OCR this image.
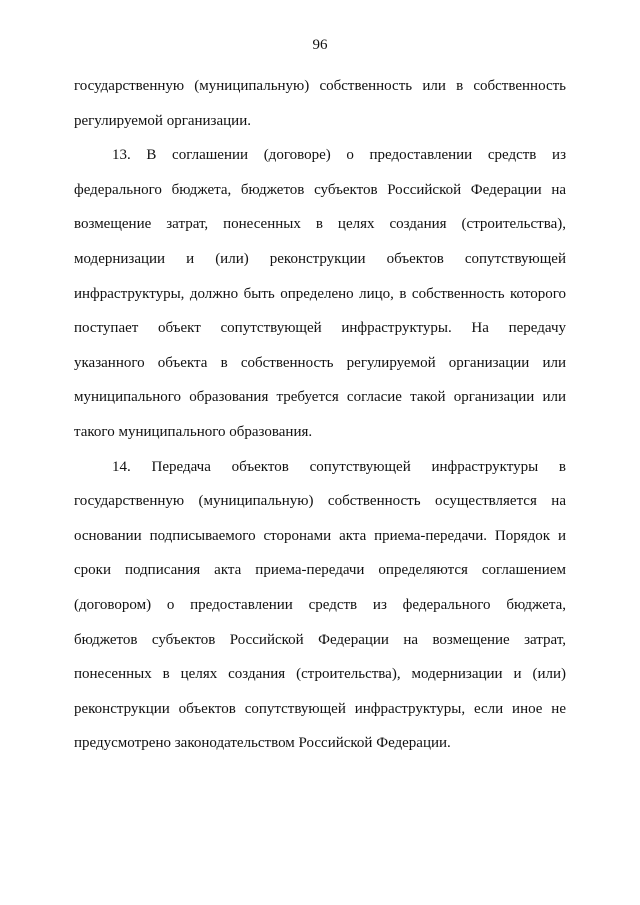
96
государственную (муниципальную) собственность или в собственность
регулируемой организации.
13. В соглашении (договоре) о предоставлении средств из
федерального бюджета, бюджетов субъектов Российской Федерации на
возмещение затрат, понесенных в целях создания (строительства),
модернизации и (или) реконструкции объектов сопутствующей
инфраструктуры, должно быть определено лицо, в собственность которого
поступает объект сопутствующей инфраструктуры. На передачу
указанного объекта в собственность регулируемой организации или
муниципального образования требуется согласие такой организации или
такого муниципального образования.
14. Передача объектов сопутствующей инфраструктуры в
государственную (муниципальную) собственность осуществляется на
основании подписываемого сторонами акта приема-передачи. Порядок и
сроки подписания акта приема-передачи определяются соглашением
(договором) о предоставлении средств из федерального бюджета,
бюджетов субъектов Российской Федерации на возмещение затрат,
понесенных в целях создания (строительства), модернизации и (или)
реконструкции объектов сопутствующей инфраструктуры, если иное не
предусмотрено законодательством Российской Федерации.
